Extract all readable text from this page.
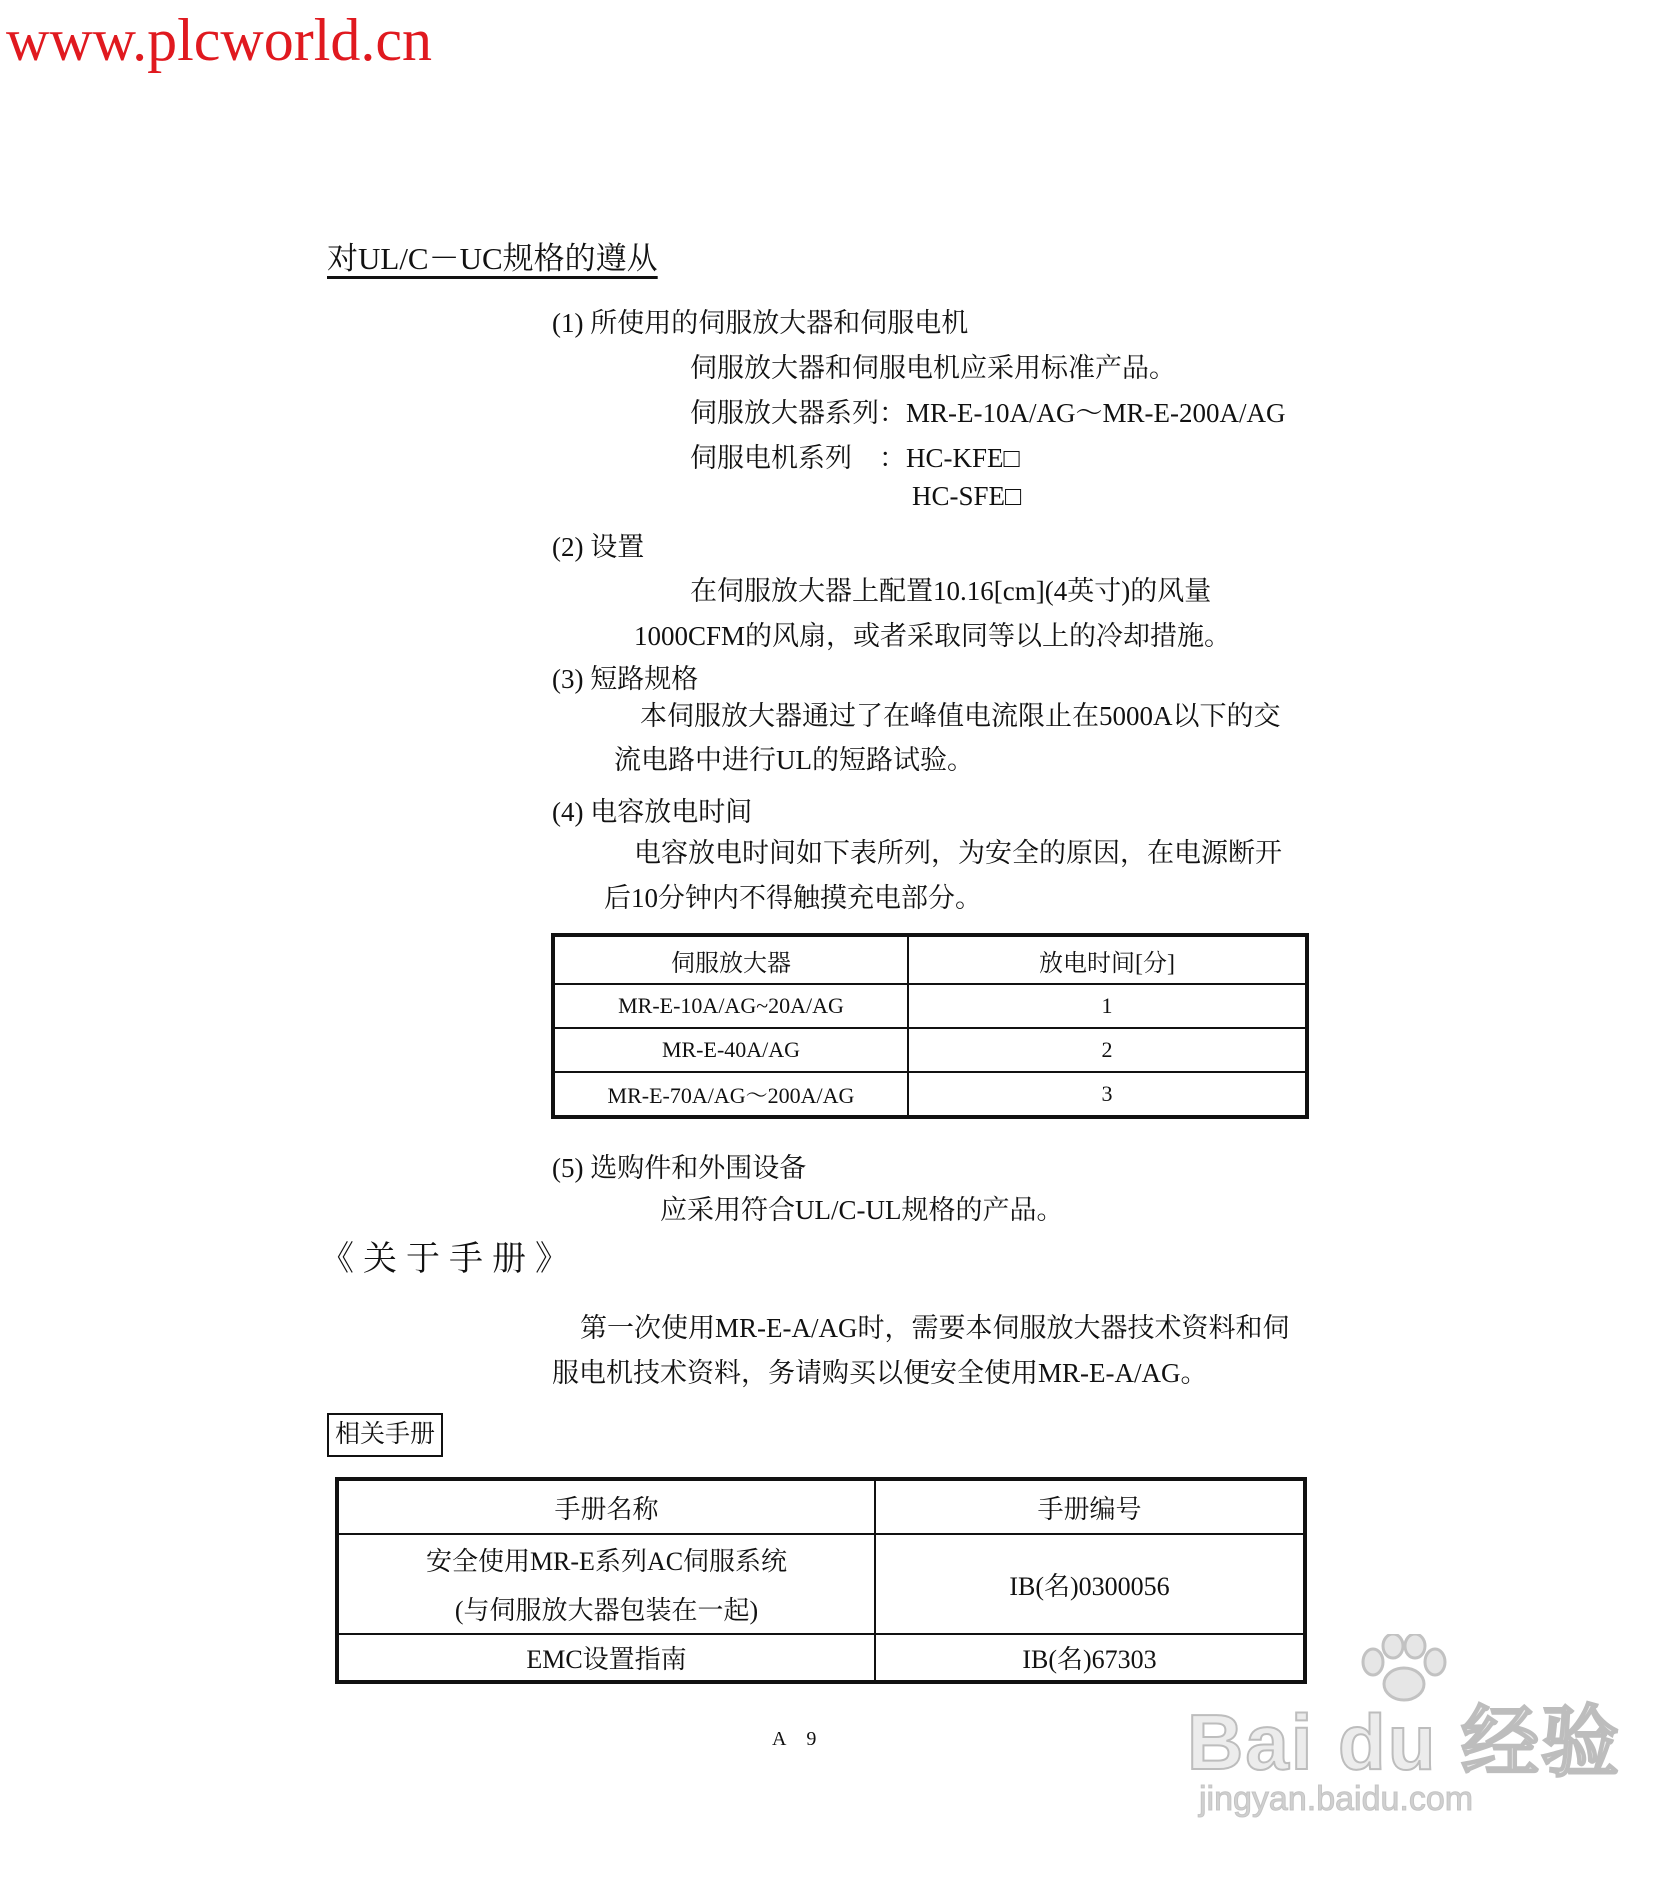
www.plcworld.cn
对UL/C－UC规格的遵从
(1) 所使用的伺服放大器和伺服电机
伺服放大器和伺服电机应采用标准产品。
伺服放大器系列：MR-E-10A/AG～MR-E-200A/AG
伺服电机系列　：HC-KFE□
HC-SFE□
(2) 设置
在伺服放大器上配置10.16[cm](4英寸)的风量
1000CFM的风扇，或者采取同等以上的冷却措施。
(3) 短路规格
本伺服放大器通过了在峰值电流限止在5000A以下的交
流电路中进行UL的短路试验。
(4) 电容放电时间
电容放电时间如下表所列，为安全的原因，在电源断开
后10分钟内不得触摸充电部分。
伺服放大器	放电时间[分]
MR-E-10A/AG~20A/AG	1
MR-E-40A/AG	2
MR-E-70A/AG～200A/AG	3
(5) 选购件和外围设备
应采用符合UL/C-UL规格的产品。
《关于手册》
第一次使用MR-E-A/AG时，需要本伺服放大器技术资料和伺
服电机技术资料，务请购买以便安全使用MR-E-A/AG。
相关手册
手册名称	手册编号

安全使用MR-E系列AC伺服系统
(与伺服放大器包装在一起)	IB(名)0300056
EMC设置指南	IB(名)67303
A 9	Bai du 经验
jingyan.baidu.com
